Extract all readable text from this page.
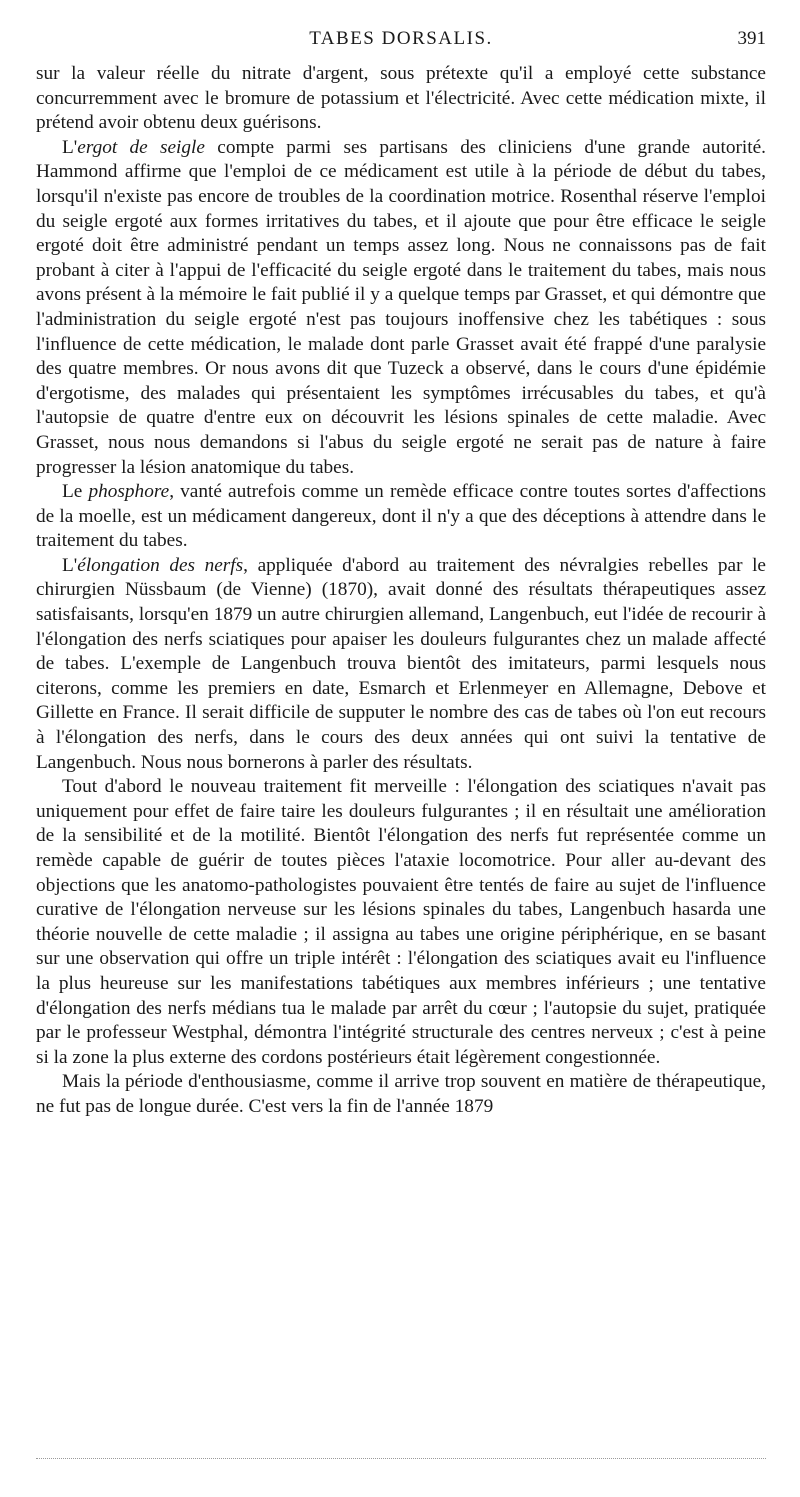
TABES DORSALIS.	391

sur la valeur réelle du nitrate d'argent, sous prétexte qu'il a employé cette substance concurremment avec le bromure de potassium et l'électricité. Avec cette médication mixte, il prétend avoir obtenu deux guérisons.

L'ergot de seigle compte parmi ses partisans des cliniciens d'une grande autorité. Hammond affirme que l'emploi de ce médicament est utile à la période de début du tabes, lorsqu'il n'existe pas encore de troubles de la coordination motrice. Rosenthal réserve l'emploi du seigle ergoté aux formes irritatives du tabes, et il ajoute que pour être efficace le seigle ergoté doit être administré pendant un temps assez long. Nous ne connaissons pas de fait probant à citer à l'appui de l'efficacité du seigle ergoté dans le traitement du tabes, mais nous avons présent à la mémoire le fait publié il y a quelque temps par Grasset, et qui démontre que l'administration du seigle ergoté n'est pas toujours inoffensive chez les tabétiques : sous l'influence de cette médication, le malade dont parle Grasset avait été frappé d'une paralysie des quatre membres. Or nous avons dit que Tuzeck a observé, dans le cours d'une épidémie d'ergotisme, des malades qui présentaient les symptômes irrécusables du tabes, et qu'à l'autopsie de quatre d'entre eux on découvrit les lésions spinales de cette maladie. Avec Grasset, nous nous demandons si l'abus du seigle ergoté ne serait pas de nature à faire progresser la lésion anatomique du tabes.

Le phosphore, vanté autrefois comme un remède efficace contre toutes sortes d'affections de la moelle, est un médicament dangereux, dont il n'y a que des déceptions à attendre dans le traitement du tabes.

L'élongation des nerfs, appliquée d'abord au traitement des névralgies rebelles par le chirurgien Nüssbaum (de Vienne) (1870), avait donné des résultats thérapeutiques assez satisfaisants, lorsqu'en 1879 un autre chirurgien allemand, Langenbuch, eut l'idée de recourir à l'élongation des nerfs sciatiques pour apaiser les douleurs fulgurantes chez un malade affecté de tabes. L'exemple de Langenbuch trouva bientôt des imitateurs, parmi lesquels nous citerons, comme les premiers en date, Esmarch et Erlenmeyer en Allemagne, Debove et Gillette en France. Il serait difficile de supputer le nombre des cas de tabes où l'on eut recours à l'élongation des nerfs, dans le cours des deux années qui ont suivi la tentative de Langenbuch. Nous nous bornerons à parler des résultats.

Tout d'abord le nouveau traitement fit merveille : l'élongation des sciatiques n'avait pas uniquement pour effet de faire taire les douleurs fulgurantes ; il en résultait une amélioration de la sensibilité et de la motilité. Bientôt l'élongation des nerfs fut représentée comme un remède capable de guérir de toutes pièces l'ataxie locomotrice. Pour aller au-devant des objections que les anatomo-pathologistes pouvaient être tentés de faire au sujet de l'influence curative de l'élongation nerveuse sur les lésions spinales du tabes, Langenbuch hasarda une théorie nouvelle de cette maladie ; il assigna au tabes une origine périphérique, en se basant sur une observation qui offre un triple intérêt : l'élongation des sciatiques avait eu l'influence la plus heureuse sur les manifestations tabétiques aux membres inférieurs ; une tentative d'élongation des nerfs médians tua le malade par arrêt du cœur ; l'autopsie du sujet, pratiquée par le professeur Westphal, démontra l'intégrité structurale des centres nerveux ; c'est à peine si la zone la plus externe des cordons postérieurs était légèrement congestionnée.

Mais la période d'enthousiasme, comme il arrive trop souvent en matière de thérapeutique, ne fut pas de longue durée. C'est vers la fin de l'année 1879
